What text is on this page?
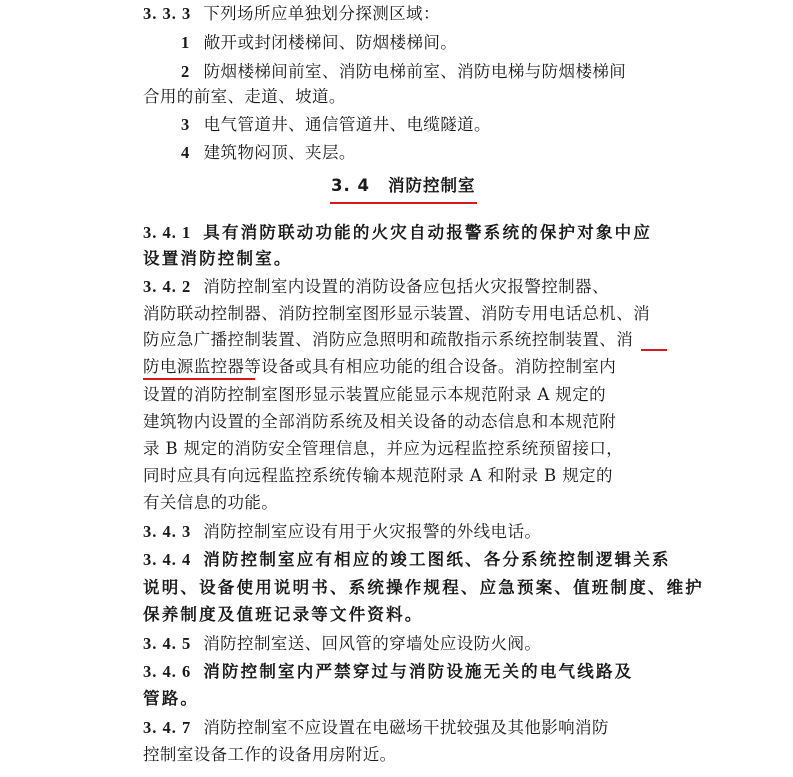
3. 3. 3 下列场所应单独划分探测区域：
1 敞开或封闭楼梯间、防烟楼梯间。
2 防烟楼梯间前室、消防电梯前室、消防电梯与防烟楼梯间
合用的前室、走道、坡道。
3 电气管道井、通信管道井、电缆隧道。
4 建筑物闷顶、夹层。
3. 4 消防控制室
3. 4. 1 具有消防联动功能的火灾自动报警系统的保护对象中应
设置消防控制室。
3. 4. 2 消防控制室内设置的消防设备应包括火灾报警控制器、
消防联动控制器、消防控制室图形显示装置、消防专用电话总机、消
防应急广播控制装置、消防应急照明和疏散指示系统控制装置、消
防电源监控器等设备或具有相应功能的组合设备。消防控制室内
设置的消防控制室图形显示装置应能显示本规范附录 A 规定的
建筑物内设置的全部消防系统及相关设备的动态信息和本规范附
录 B 规定的消防安全管理信息，并应为远程监控系统预留接口，
同时应具有向远程监控系统传输本规范附录 A 和附录 B 规定的
有关信息的功能。
3. 4. 3 消防控制室应设有用于火灾报警的外线电话。
3. 4. 4 消防控制室应有相应的竣工图纸、各分系统控制逻辑关系
说明、设备使用说明书、系统操作规程、应急预案、值班制度、维护
保养制度及值班记录等文件资料。
3. 4. 5 消防控制室送、回风管的穿墙处应设防火阀。
3. 4. 6 消防控制室内严禁穿过与消防设施无关的电气线路及
管路。
3. 4. 7 消防控制室不应设置在电磁场干扰较强及其他影响消防
控制室设备工作的设备用房附近。
